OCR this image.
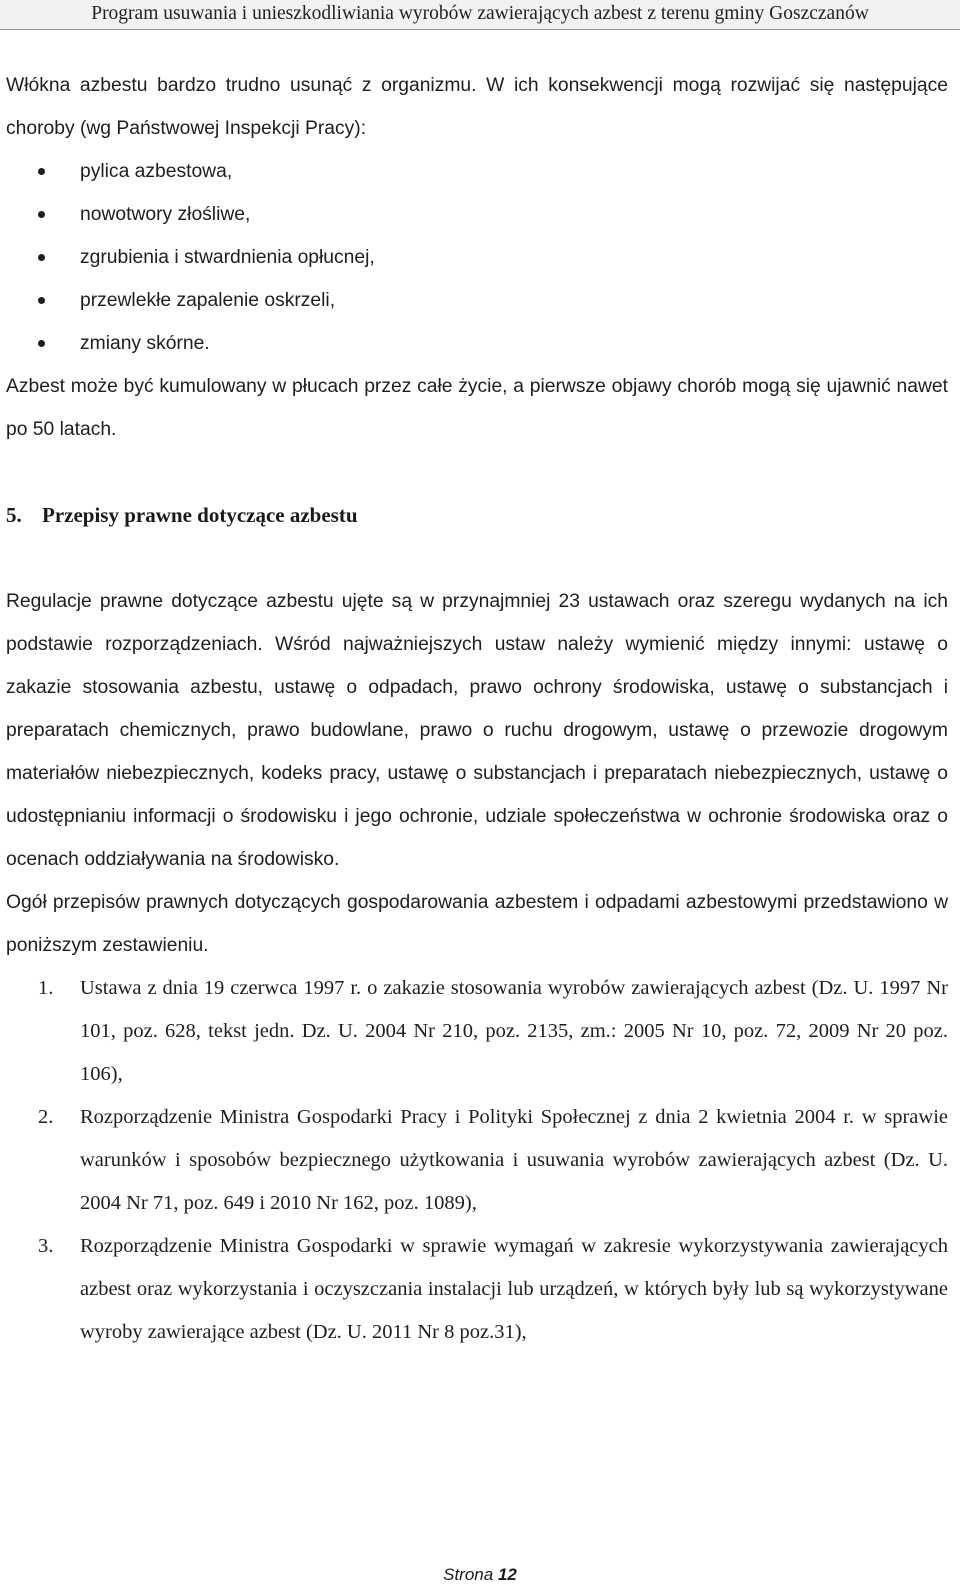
Program usuwania i unieszkodliwiania wyrobów zawierających azbest z terenu gminy Goszczanów

Włókna azbestu bardzo trudno usunąć z organizmu. W ich konsekwencji mogą rozwijać się następujące choroby (wg Państwowej Inspekcji Pracy):

pylica azbestowa,
nowotwory złośliwe,
zgrubienia i stwardnienia opłucnej,
przewlekłe zapalenie oskrzeli,
zmiany skórne.

Azbest może być kumulowany w płucach przez całe życie, a pierwsze objawy chorób mogą się ujawnić nawet po 50 latach.

5. Przepisy prawne dotyczące azbestu

Regulacje prawne dotyczące azbestu ujęte są w przynajmniej 23 ustawach oraz szeregu wydanych na ich podstawie rozporządzeniach. Wśród najważniejszych ustaw należy wymienić między innymi: ustawę o zakazie stosowania azbestu, ustawę o odpadach, prawo ochrony środowiska, ustawę o substancjach i preparatach chemicznych, prawo budowlane, prawo o ruchu drogowym, ustawę o przewozie drogowym materiałów niebezpiecznych, kodeks pracy, ustawę o substancjach i preparatach niebezpiecznych, ustawę o udostępnianiu informacji o środowisku i jego ochronie, udziale społeczeństwa w ochronie środowiska oraz o ocenach oddziaływania na środowisko.

Ogół przepisów prawnych dotyczących gospodarowania azbestem i odpadami azbestowymi przedstawiono w poniższym zestawieniu.

1. Ustawa z dnia 19 czerwca 1997 r. o zakazie stosowania wyrobów zawierających azbest (Dz. U. 1997 Nr 101, poz. 628, tekst jedn. Dz. U. 2004 Nr 210, poz. 2135, zm.: 2005 Nr 10, poz. 72, 2009 Nr 20 poz. 106),
2. Rozporządzenie Ministra Gospodarki Pracy i Polityki Społecznej z dnia 2 kwietnia 2004 r. w sprawie warunków i sposobów bezpiecznego użytkowania i usuwania wyrobów zawierających azbest (Dz. U. 2004 Nr 71, poz. 649 i 2010 Nr 162, poz. 1089),
3. Rozporządzenie Ministra Gospodarki w sprawie wymagań w zakresie wykorzystywania zawierających azbest oraz wykorzystania i oczyszczania instalacji lub urządzeń, w których były lub są wykorzystywane wyroby zawierające azbest (Dz. U. 2011 Nr 8 poz.31),
Strona 12
